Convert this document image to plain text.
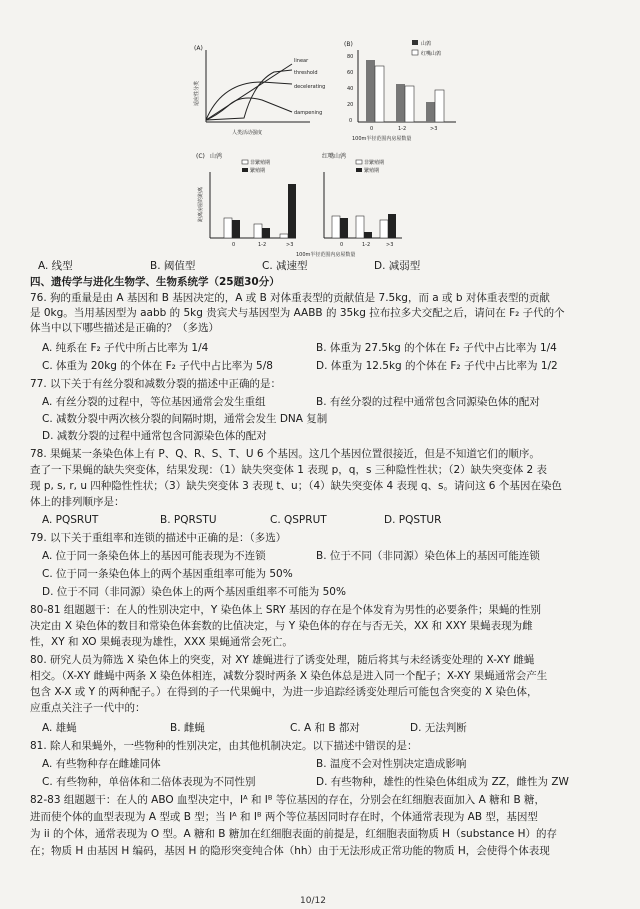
(A)
linear
threshold
decelerating
dampening
适应性分类
人类活动强度
(B)	山鹑
红嘴山鹑
80
60
40
20
0
0	1-2	>3
100m半径范围内房屋数量
(C) 山鹑
非繁殖期
繁殖期
距离房屋的距离
0	1-2	>3
红嘴山鹑
非繁殖期
繁殖期
0	1-2	>3
100m半径范围内房屋数量
A. 线型	B. 阈值型	C. 减速型	D. 减弱型
四、遗传学与进化生物学、生物系统学（25题30分）
76. 狗的重量是由 A 基因和 B 基因决定的，A 或 B 对体重表型的贡献值是 7.5kg，而 a 或 b 对体重表型的贡献
是 0kg。当用基因型为 aabb 的 5kg 贵宾犬与基因型为 AABB 的 35kg 拉布拉多犬交配之后，请问在 F₂ 子代的个
体当中以下哪些描述是正确的？（多选）
A. 纯系在 F₂ 子代中所占比率为 1/4	B. 体重为 27.5kg 的个体在 F₂ 子代中占比率为 1/4
C. 体重为 20kg 的个体在 F₂ 子代中占比率为 5/8	D. 体重为 12.5kg 的个体在 F₂ 子代中占比率为 1/2
77. 以下关于有丝分裂和减数分裂的描述中正确的是：
A. 有丝分裂的过程中，等位基因通常会发生重组	B. 有丝分裂的过程中通常包含同源染色体的配对
C. 减数分裂中两次核分裂的间隔时期，通常会发生 DNA 复制
D. 减数分裂的过程中通常包含同源染色体的配对
78. 果蝇某一条染色体上有 P、Q、R、S、T、U 6 个基因。这几个基因位置很接近，但是不知道它们的顺序。
查了一下果蝇的缺失突变体，结果发现：（1）缺失突变体 1 表现 p，q，s 三种隐性性状；（2）缺失突变体 2 表
现 p, s, r, u 四种隐性性状；（3）缺失突变体 3 表现 t、u；（4）缺失突变体 4 表现 q、s。请问这 6 个基因在染色
体上的排列顺序是：
A. PQSRUT	B. PQRSTU	C. QSPRUT	D. PQSTUR
79. 以下关于重组率和连锁的描述中正确的是：（多选）
A. 位于同一条染色体上的基因可能表现为不连锁	B. 位于不同（非同源）染色体上的基因可能连锁
C. 位于同一条染色体上的两个基因重组率可能为 50%
D. 位于不同（非同源）染色体上的两个基因重组率不可能为 50%
80-81 组题题干：在人的性别决定中，Y 染色体上 SRY 基因的存在是个体发育为男性的必要条件；果蝇的性别
决定由 X 染色体的数目和常染色体套数的比值决定，与 Y 染色体的存在与否无关，XX 和 XXY 果蝇表现为雌
性，XY 和 XO 果蝇表现为雄性，XXX 果蝇通常会死亡。
80. 研究人员为筛选 X 染色体上的突变，对 XY 雄蝇进行了诱变处理，随后将其与未经诱变处理的 X-XY 雌蝇
相交。（X-XY 雌蝇中两条 X 染色体相连，减数分裂时两条 X 染色体总是进入同一个配子；X-XY 果蝇通常会产生
包含 X-X 或 Y 的两种配子。）在得到的子一代果蝇中，为进一步追踪经诱变处理后可能包含突变的 X 染色体，
应重点关注子一代中的：
A. 雄蝇	B. 雌蝇	C. A 和 B 都对	D. 无法判断
81. 除人和果蝇外，一些物种的性别决定，由其他机制决定。以下描述中错误的是：
A. 有些物种存在雌雄同体	B. 温度不会对性别决定造成影响
C. 有些物种，单倍体和二倍体表现为不同性别	D. 有些物种，雄性的性染色体组成为 ZZ，雌性为 ZW
82-83 组题题干：在人的 ABO 血型决定中，Iᴬ 和 Iᴮ 等位基因的存在，分别会在红细胞表面加入 A 糖和 B 糖，
进而使个体的血型表现为 A 型或 B 型；当 Iᴬ 和 Iᴮ 两个等位基因同时存在时，个体通常表现为 AB 型，基因型
为 ii 的个体，通常表现为 O 型。A 糖和 B 糖加在红细胞表面的前提是，红细胞表面物质 H（substance H）的存
在；物质 H 由基因 H 编码，基因 H 的隐形突变纯合体（hh）由于无法形成正常功能的物质 H，会使得个体表现
10/12
